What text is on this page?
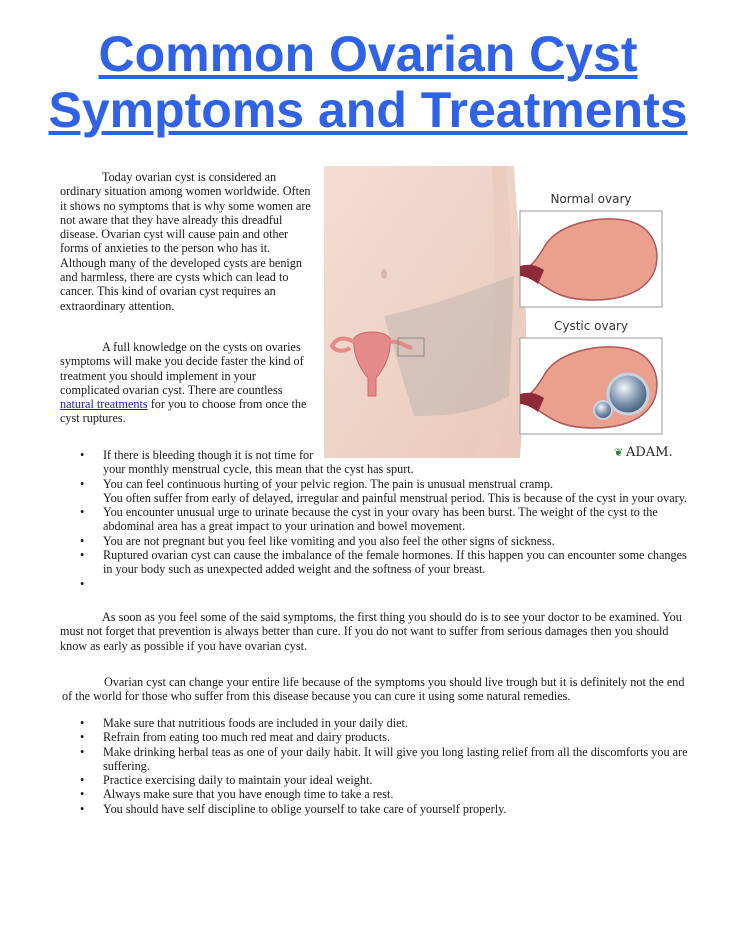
Common Ovarian Cyst
Symptoms and Treatments

Today ovarian cyst is considered an ordinary situation among women worldwide. Often it shows no symptoms that is why some women are not aware that they have already this dreadful disease. Ovarian cyst will cause pain and other forms of anxieties to the person who has it. Although many of the developed cysts are benign and harmless, there are cysts which can lead to cancer. This kind of ovarian cyst requires an extraordinary attention.

A full knowledge on the cysts on ovaries symptoms will make you decide faster the kind of treatment you should implement in your complicated ovarian cyst. There are countless natural treatments for you to choose from once the cyst ruptures.

Normal ovary
Cystic ovary
❦ ADAM.
• If there is bleeding though it is not time for
your monthly menstrual cycle, this mean that the cyst has spurt.
• You can feel continuous hurting of your pelvic region. The pain is unusual menstrual cramp.
You often suffer from early of delayed, irregular and painful menstrual period. This is because of the cyst in your ovary.
• You encounter unusual urge to urinate because the cyst in your ovary has been burst. The weight of the cyst to the abdominal area has a great impact to your urination and bowel movement.
• You are not pregnant but you feel like vomiting and you also feel the other signs of sickness.
• Ruptured ovarian cyst can cause the imbalance of the female hormones. If this happen you can encounter some changes in your body such as unexpected added weight and the softness of your breast.
•

As soon as you feel some of the said symptoms, the first thing you should do is to see your doctor to be examined. You must not forget that prevention is always better than cure. If you do not want to suffer from serious damages then you should know as early as possible if you have ovarian cyst.

Ovarian cyst can change your entire life because of the symptoms you should live trough but it is definitely not the end of the world for those who suffer from this disease because you can cure it using some natural remedies.

• Make sure that nutritious foods are included in your daily diet.
• Refrain from eating too much red meat and dairy products.
• Make drinking herbal teas as one of your daily habit. It will give you long lasting relief from all the discomforts you are suffering.
• Practice exercising daily to maintain your ideal weight.
• Always make sure that you have enough time to take a rest.
• You should have self discipline to oblige yourself to take care of yourself properly.
